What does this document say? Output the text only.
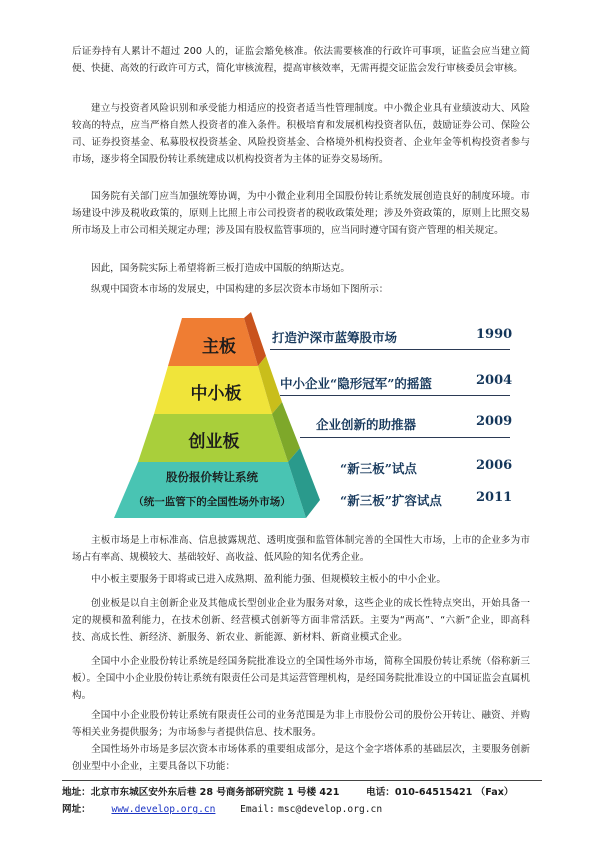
后证券持有人累计不超过 200 人的，证监会豁免核准。依法需要核准的行政许可事项，证监会应当建立简便、快捷、高效的行政许可方式，简化审核流程，提高审核效率，无需再提交证监会发行审核委员会审核。

建立与投资者风险识别和承受能力相适应的投资者适当性管理制度。中小微企业具有业绩波动大、风险较高的特点，应当严格自然人投资者的准入条件。积极培育和发展机构投资者队伍，鼓励证券公司、保险公司、证券投资基金、私募股权投资基金、风险投资基金、合格境外机构投资者、企业年金等机构投资者参与市场，逐步将全国股份转让系统建成以机构投资者为主体的证券交易场所。

国务院有关部门应当加强统筹协调，为中小微企业利用全国股份转让系统发展创造良好的制度环境。市场建设中涉及税收政策的，原则上比照上市公司投资者的税收政策处理；涉及外资政策的，原则上比照交易所市场及上市公司相关规定办理；涉及国有股权监管事项的，应当同时遵守国有资产管理的相关规定。

因此，国务院实际上希望将新三板打造成中国版的纳斯达克。

纵观中国资本市场的发展史，中国构建的多层次资本市场如下图所示：

主板
中小板
创业板
股份报价转让系统
（统一监管下的全国性场外市场）
打造沪深市蓝筹股市场	1990
中小企业“隐形冠军”的摇篮	2004
企业创新的助推器	2009
“新三板”试点	2006
“新三板”扩容试点	2011

主板市场是上市标准高、信息披露规范、透明度强和监管体制完善的全国性大市场，上市的企业多为市场占有率高、规模较大、基础较好、高收益、低风险的知名优秀企业。

中小板主要服务于即将或已进入成熟期、盈利能力强、但规模较主板小的中小企业。

创业板是以自主创新企业及其他成长型创业企业为服务对象，这些企业的成长性特点突出，开始具备一定的规模和盈利能力，在技术创新、经营模式创新等方面非常活跃。主要为“两高”、“六新”企业，即高科技、高成长性、新经济、新服务、新农业、新能源、新材料、新商业模式企业。

全国中小企业股份转让系统是经国务院批准设立的全国性场外市场，简称全国股份转让系统（俗称新三板）。全国中小企业股份转让系统有限责任公司是其运营管理机构，是经国务院批准设立的中国证监会直属机构。

全国中小企业股份转让系统有限责任公司的业务范围是为非上市股份公司的股份公开转让、融资、并购等相关业务提供服务；为市场参与者提供信息、技术服务。

全国性场外市场是多层次资本市场体系的重要组成部分，是这个金字塔体系的基础层次，主要服务创新创业型中小企业，主要具备以下功能：

地址：北京市东城区安外东后巷 28 号商务部研究院 1 号楼 421	电话：010-64515421 （Fax）
网址： www.develop.org.cn	Email: msc@develop.org.cn
